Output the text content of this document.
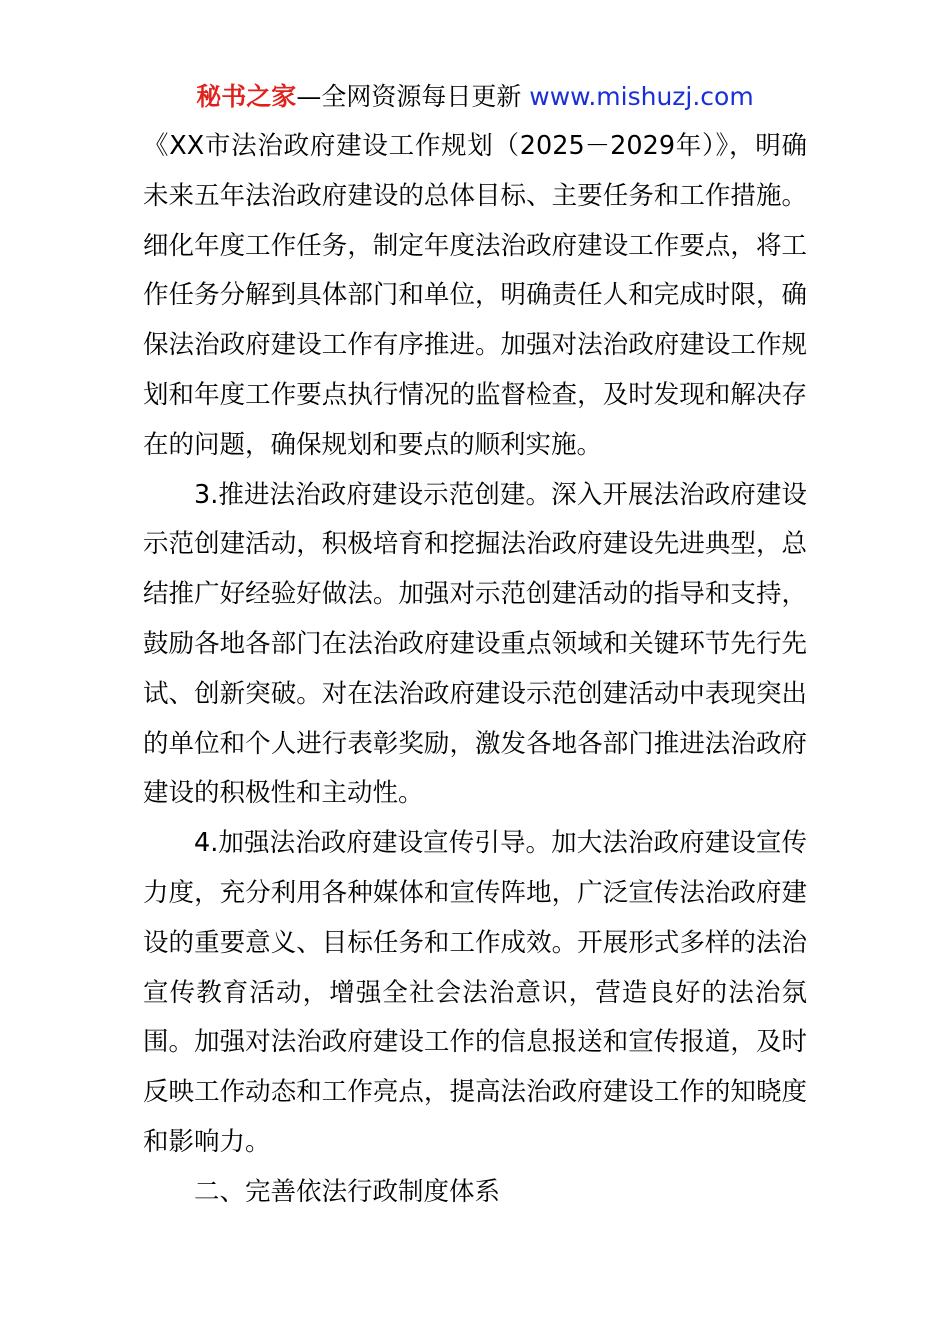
秘书之家—全网资源每日更新 www.mishuzj.com

《XX市法治政府建设工作规划（2025－2029年）》，明确未来五年法治政府建设的总体目标、主要任务和工作措施。细化年度工作任务，制定年度法治政府建设工作要点，将工作任务分解到具体部门和单位，明确责任人和完成时限，确保法治政府建设工作有序推进。加强对法治政府建设工作规划和年度工作要点执行情况的监督检查，及时发现和解决存在的问题，确保规划和要点的顺利实施。

3.推进法治政府建设示范创建。深入开展法治政府建设示范创建活动，积极培育和挖掘法治政府建设先进典型，总结推广好经验好做法。加强对示范创建活动的指导和支持，鼓励各地各部门在法治政府建设重点领域和关键环节先行先试、创新突破。对在法治政府建设示范创建活动中表现突出的单位和个人进行表彰奖励，激发各地各部门推进法治政府建设的积极性和主动性。

4.加强法治政府建设宣传引导。加大法治政府建设宣传力度，充分利用各种媒体和宣传阵地，广泛宣传法治政府建设的重要意义、目标任务和工作成效。开展形式多样的法治宣传教育活动，增强全社会法治意识，营造良好的法治氛围。加强对法治政府建设工作的信息报送和宣传报道，及时反映工作动态和工作亮点，提高法治政府建设工作的知晓度和影响力。

二、完善依法行政制度体系
